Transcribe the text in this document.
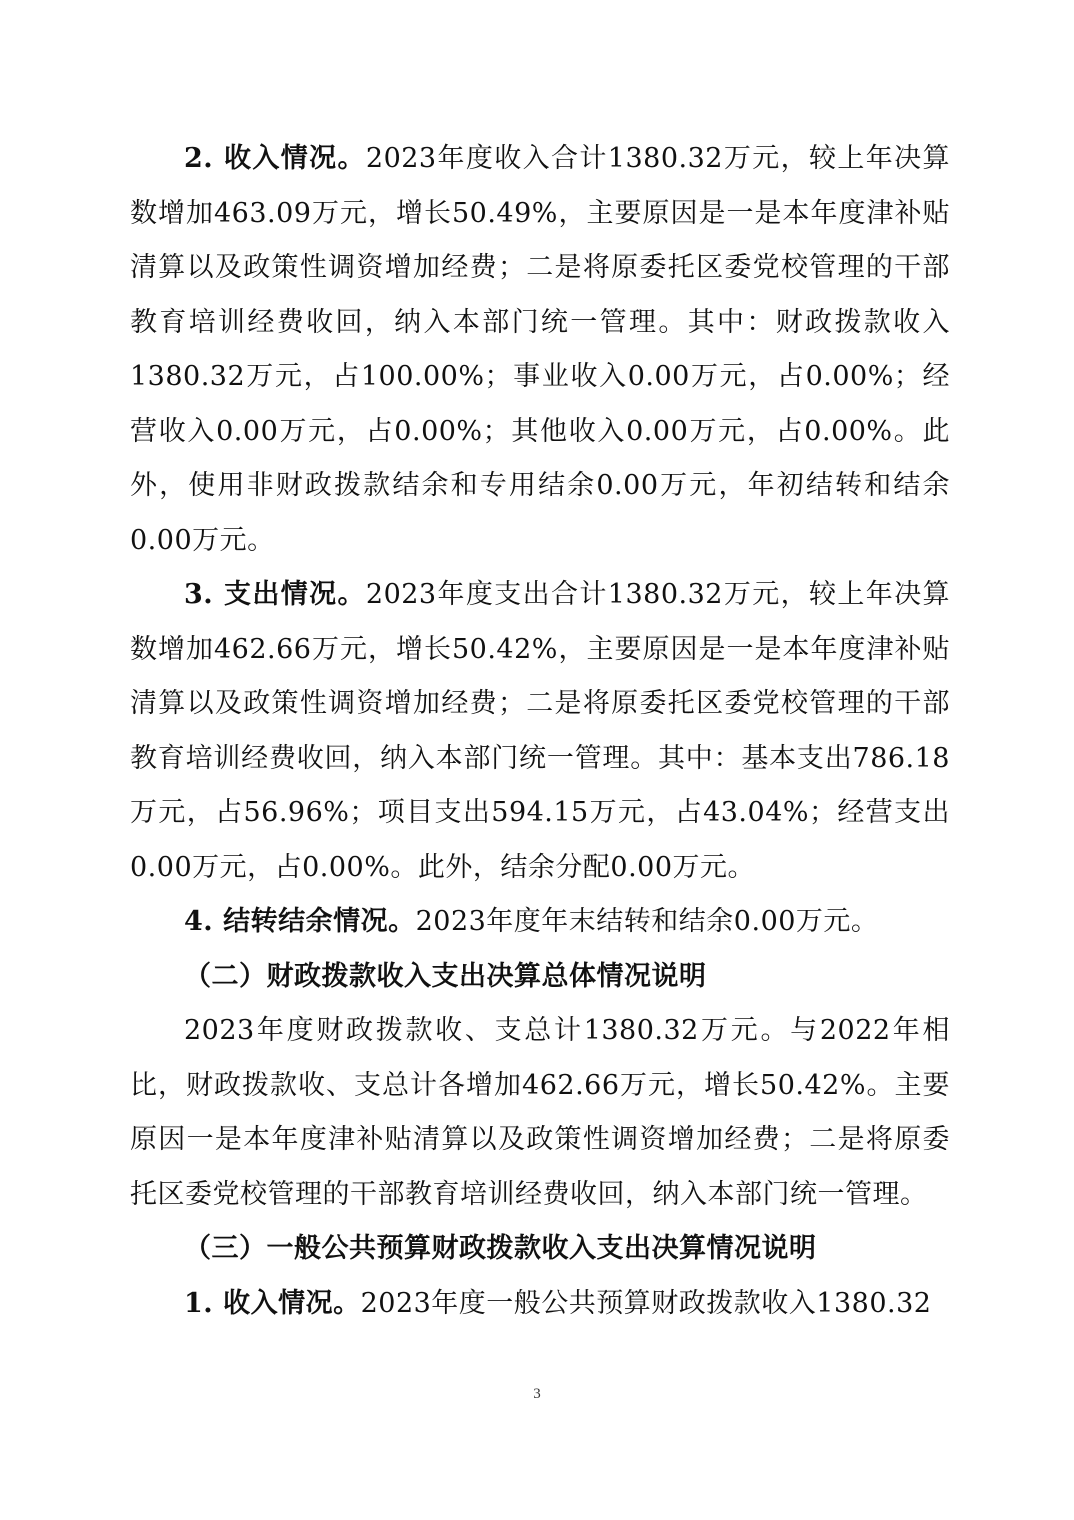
2. 收入情况。2023年度收入合计1380.32万元，较上年决算数增加463.09万元，增长50.49%，主要原因是一是本年度津补贴清算以及政策性调资增加经费；二是将原委托区委党校管理的干部教育培训经费收回，纳入本部门统一管理。其中：财政拨款收入1380.32万元，占100.00%；事业收入0.00万元，占0.00%；经营收入0.00万元，占0.00%；其他收入0.00万元，占0.00%。此外，使用非财政拨款结余和专用结余0.00万元，年初结转和结余0.00万元。

3. 支出情况。2023年度支出合计1380.32万元，较上年决算数增加462.66万元，增长50.42%，主要原因是一是本年度津补贴清算以及政策性调资增加经费；二是将原委托区委党校管理的干部教育培训经费收回，纳入本部门统一管理。其中：基本支出786.18万元，占56.96%；项目支出594.15万元，占43.04%；经营支出0.00万元，占0.00%。此外，结余分配0.00万元。

4. 结转结余情况。2023年度年末结转和结余0.00万元。

（二）财政拨款收入支出决算总体情况说明

2023年度财政拨款收、支总计1380.32万元。与2022年相比，财政拨款收、支总计各增加462.66万元，增长50.42%。主要原因一是本年度津补贴清算以及政策性调资增加经费；二是将原委托区委党校管理的干部教育培训经费收回，纳入本部门统一管理。

（三）一般公共预算财政拨款收入支出决算情况说明

1. 收入情况。2023年度一般公共预算财政拨款收入1380.32

3
